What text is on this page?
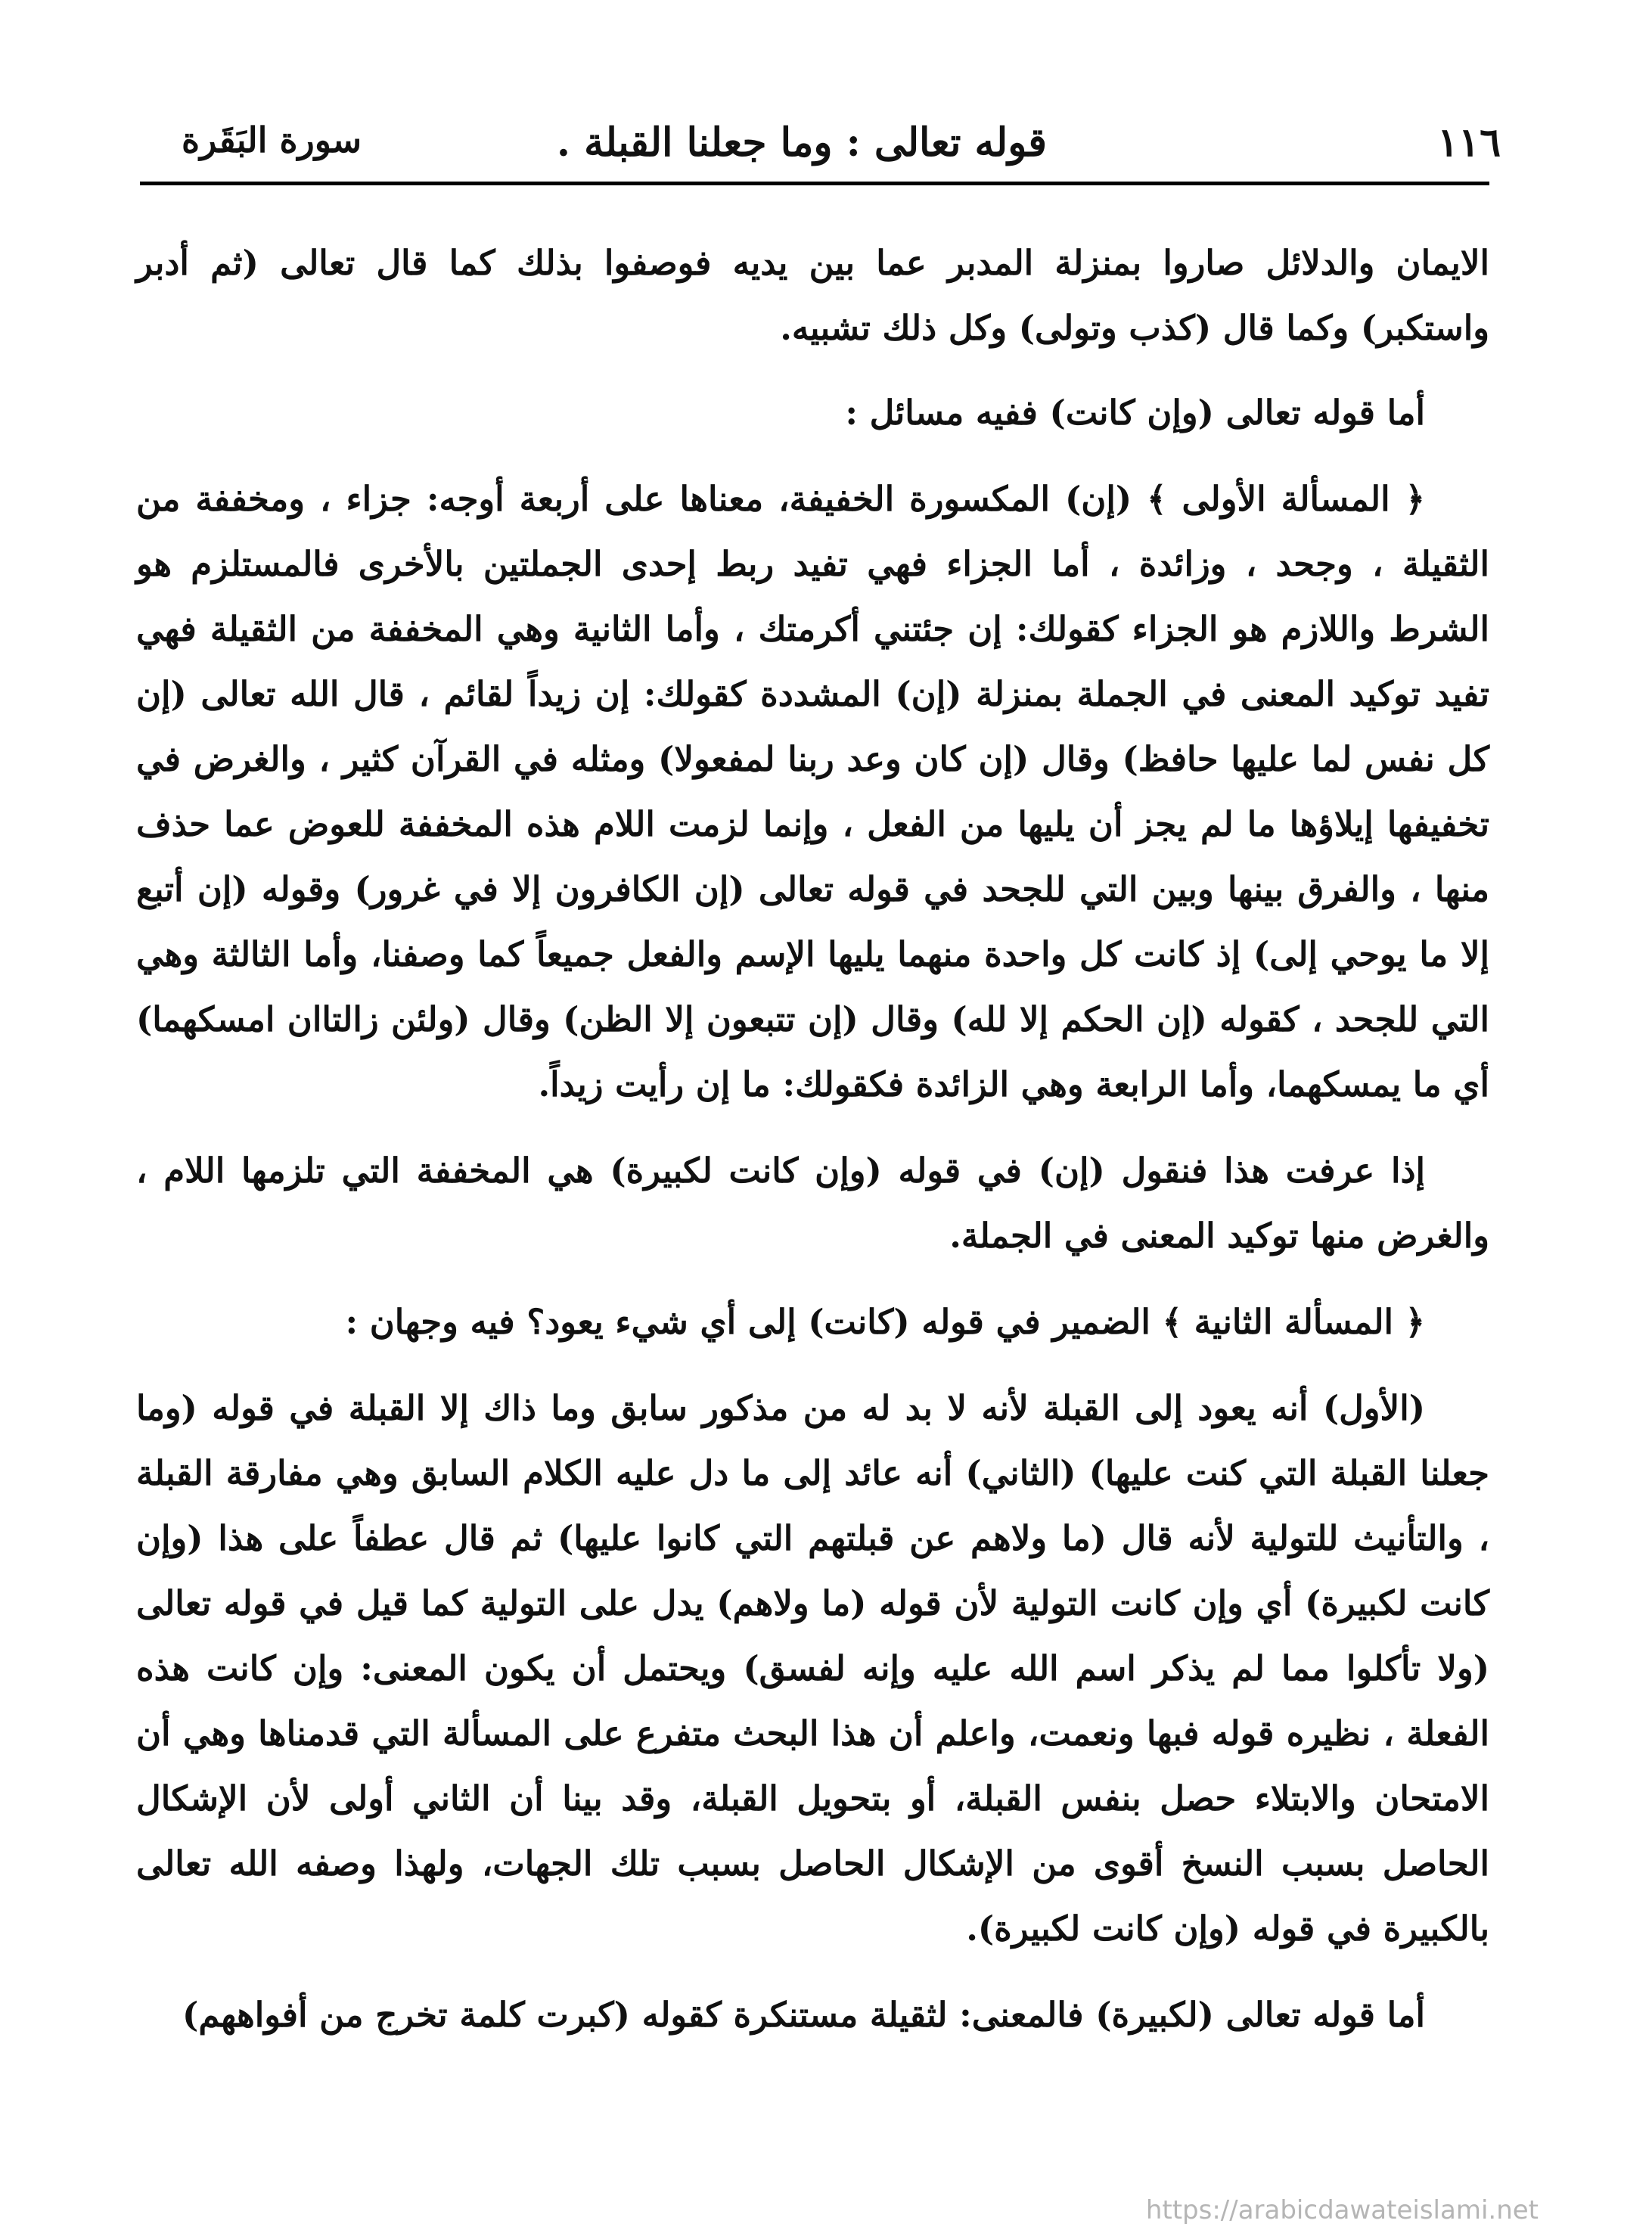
١١٦
قوله تعالى : وما جعلنا القبلة .
سورة البَقَرة

الايمان والدلائل صاروا بمنزلة المدبر عما بين يديه فوصفوا بذلك كما قال تعالى (ثم أدبر واستكبر) وكما قال (كذب وتولى) وكل ذلك تشبيه.

أما قوله تعالى (وإن كانت) ففيه مسائل :

﴿ المسألة الأولى ﴾ (إن) المكسورة الخفيفة، معناها على أربعة أوجه: جزاء ، ومخففة من الثقيلة ، وجحد ، وزائدة ، أما الجزاء فهي تفيد ربط إحدى الجملتين بالأخرى فالمستلزم هو الشرط واللازم هو الجزاء كقولك: إن جئتني أكرمتك ، وأما الثانية وهي المخففة من الثقيلة فهي تفيد توكيد المعنى في الجملة بمنزلة (إن) المشددة كقولك: إن زيداً لقائم ، قال الله تعالى (إن كل نفس لما عليها حافظ) وقال (إن كان وعد ربنا لمفعولا) ومثله في القرآن كثير ، والغرض في تخفيفها إيلاؤها ما لم يجز أن يليها من الفعل ، وإنما لزمت اللام هذه المخففة للعوض عما حذف منها ، والفرق بينها وبين التي للجحد في قوله تعالى (إن الكافرون إلا في غرور) وقوله (إن أتبع إلا ما يوحي إلى) إذ كانت كل واحدة منهما يليها الإسم والفعل جميعاً كما وصفنا، وأما الثالثة وهي التي للجحد ، كقوله (إن الحكم إلا لله) وقال (إن تتبعون إلا الظن) وقال (ولئن زالتاان امسكهما) أي ما يمسكهما، وأما الرابعة وهي الزائدة فكقولك: ما إن رأيت زيداً.

إذا عرفت هذا فنقول (إن) في قوله (وإن كانت لكبيرة) هي المخففة التي تلزمها اللام ، والغرض منها توكيد المعنى في الجملة.

﴿ المسألة الثانية ﴾ الضمير في قوله (كانت) إلى أي شيء يعود؟ فيه وجهان :

(الأول) أنه يعود إلى القبلة لأنه لا بد له من مذكور سابق وما ذاك إلا القبلة في قوله (وما جعلنا القبلة التي كنت عليها) (الثاني) أنه عائد إلى ما دل عليه الكلام السابق وهي مفارقة القبلة ، والتأنيث للتولية لأنه قال (ما ولاهم عن قبلتهم التي كانوا عليها) ثم قال عطفاً على هذا (وإن كانت لكبيرة) أي وإن كانت التولية لأن قوله (ما ولاهم) يدل على التولية كما قيل في قوله تعالى (ولا تأكلوا مما لم يذكر اسم الله عليه وإنه لفسق) ويحتمل أن يكون المعنى: وإن كانت هذه الفعلة ، نظيره قوله فبها ونعمت، واعلم أن هذا البحث متفرع على المسألة التي قدمناها وهي أن الامتحان والابتلاء حصل بنفس القبلة، أو بتحويل القبلة، وقد بينا أن الثاني أولى لأن الإشكال الحاصل بسبب النسخ أقوى من الإشكال الحاصل بسبب تلك الجهات، ولهذا وصفه الله تعالى بالكبيرة في قوله (وإن كانت لكبيرة).

أما قوله تعالى (لكبيرة) فالمعنى: لثقيلة مستنكرة كقوله (كبرت كلمة تخرج من أفواههم)

https://arabicdawateislami.net
